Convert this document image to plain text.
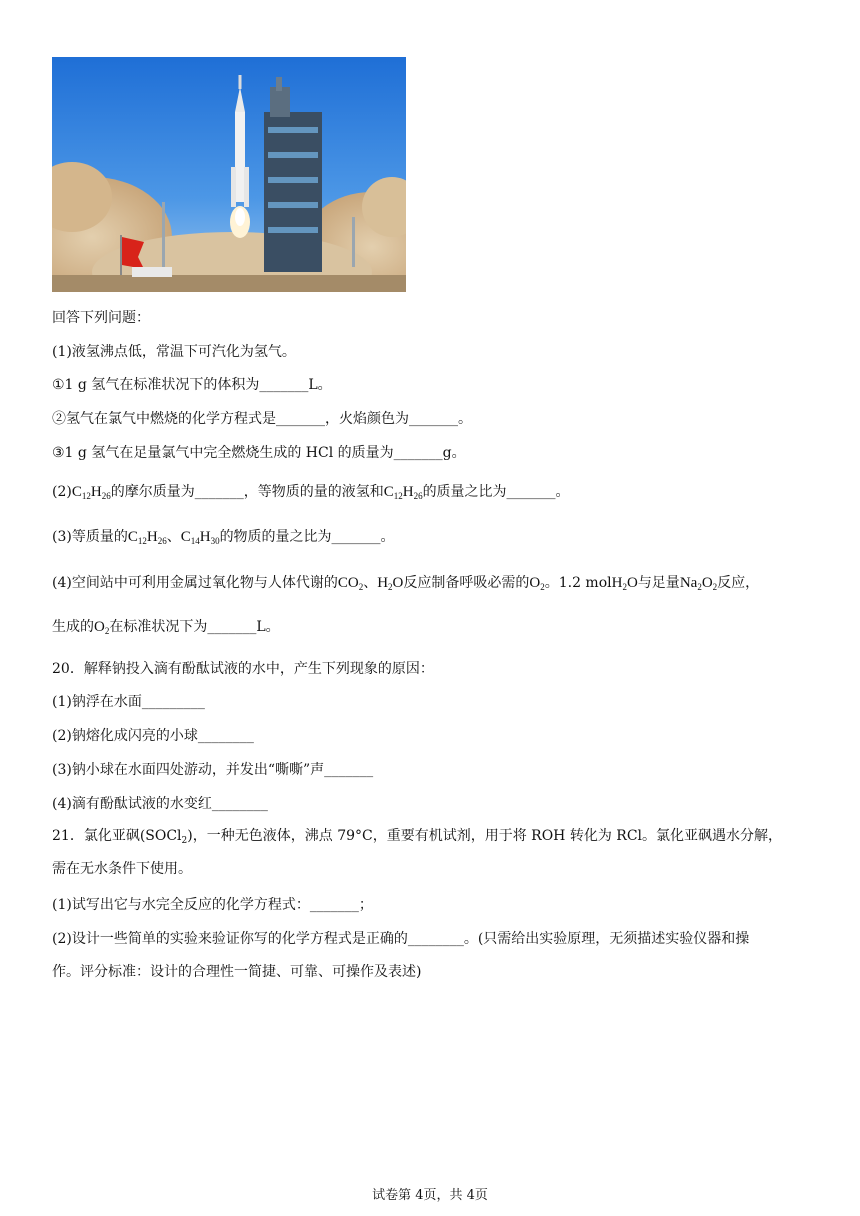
回答下列问题：
(1)液氢沸点低，常温下可汽化为氢气。
①1 g 氢气在标准状况下的体积为_______L。
②氢气在氯气中燃烧的化学方程式是_______，火焰颜色为_______。
③1 g 氢气在足量氯气中完全燃烧生成的 HCl 的质量为_______g。
$(2)C_{12}H_{26}$的摩尔质量为_______，等物质的量的液氢和$C_{12}H_{26}$的质量之比为_______。
(3)等质量的$C_{12}H_{26}$、$C_{14}H_{30}$的物质的量之比为_______。
(4)空间站中可利用金属过氧化物与人体代谢的$CO_2$、$H_2O$反应制备呼吸必需的$O_2$。1.2 molH$_2$O与足量$Na_2O_2$反应，
生成的$O_2$在标准状况下为_______L。
20．解释钠投入滴有酚酞试液的水中，产生下列现象的原因：
(1)钠浮在水面_________
(2)钠熔化成闪亮的小球________
(3)钠小球在水面四处游动，并发出“嘶嘶”声_______
(4)滴有酚酞试液的水变红________
21．氯化亚砜(SOCl$_2$)，一种无色液体，沸点 79°C，重要有机试剂，用于将 ROH 转化为 RCl。氯化亚砜遇水分解，
需在无水条件下使用。
(1)试写出它与水完全反应的化学方程式：_______；
(2)设计一些简单的实验来验证你写的化学方程式是正确的________。(只需给出实验原理，无须描述实验仪器和操
作。评分标准：设计的合理性一简捷、可靠、可操作及表述)
试卷第 4页，共 4页
